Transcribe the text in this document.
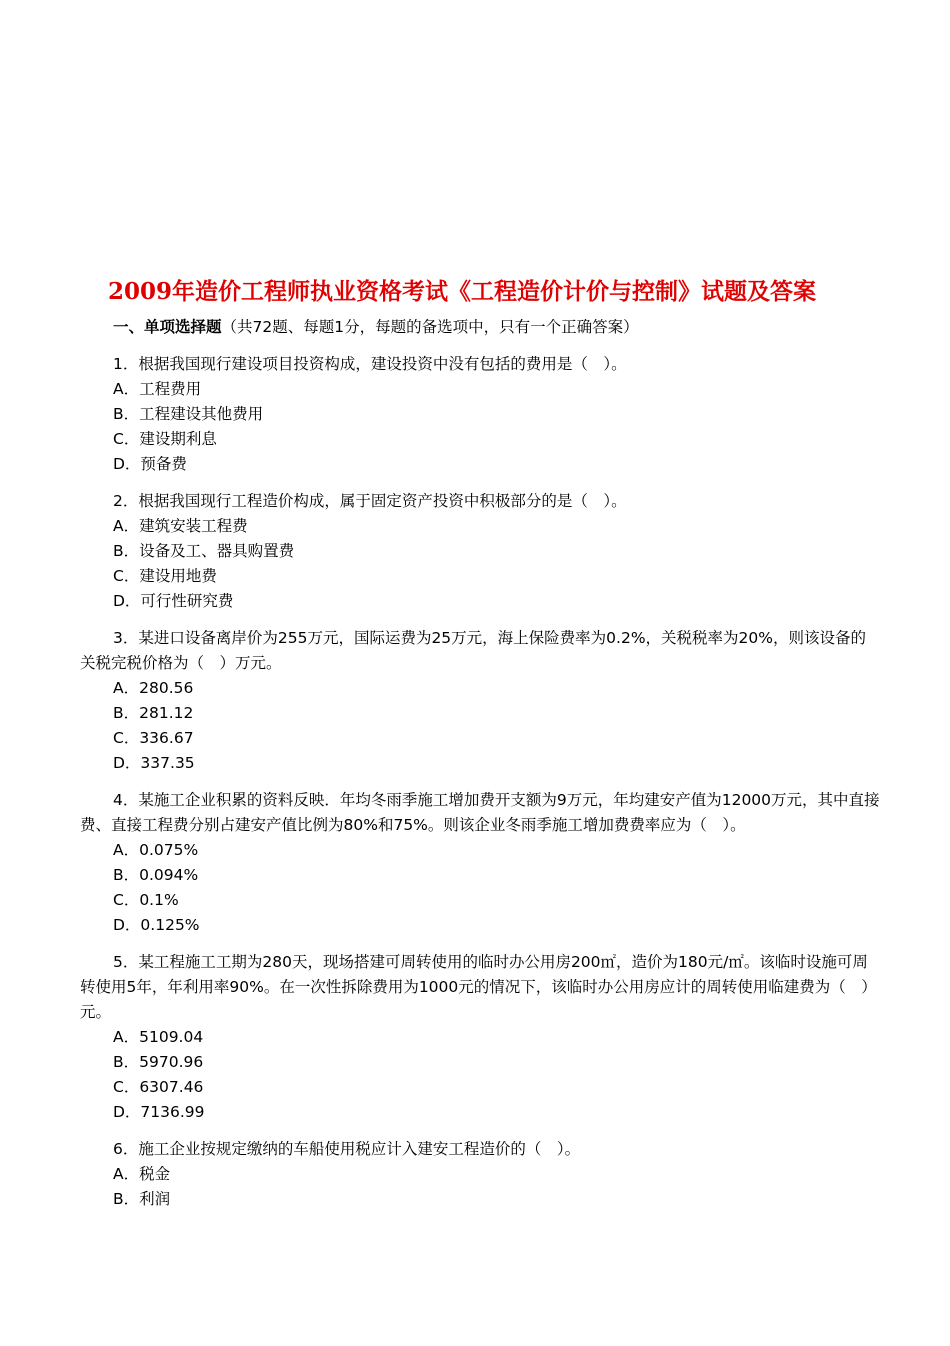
2009年造价工程师执业资格考试《工程造价计价与控制》试题及答案
一、单项选择题（共72题、每题1分，每题的备选项中，只有一个正确答案）

1．根据我国现行建设项目投资构成，建设投资中没有包括的费用是（　）。

A．工程费用

B．工程建设其他费用

C．建设期利息

D．预备费

2．根据我国现行工程造价构成，属于固定资产投资中积极部分的是（　）。

A．建筑安装工程费

B．设备及工、器具购置费

C．建设用地费

D．可行性研究费

3．某进口设备离岸价为255万元，国际运费为25万元，海上保险费率为0.2%，关税税率为20%，则该设备的关税完税价格为（　）万元。

A．280.56

B．281.12

C．336.67

D．337.35

4．某施工企业积累的资料反映．年均冬雨季施工增加费开支额为9万元，年均建安产值为12000万元，其中直接费、直接工程费分别占建安产值比例为80%和75%。则该企业冬雨季施工增加费费率应为（　）。

A．0.075%

B．0.094%

C．0.1%

D．0.125%

5．某工程施工工期为280天，现场搭建可周转使用的临时办公用房200㎡，造价为180元/㎡。该临时设施可周转使用5年，年利用率90%。在一次性拆除费用为1000元的情况下，该临时办公用房应计的周转使用临建费为（　）元。

A．5109.04

B．5970.96

C．6307.46

D．7136.99

6．施工企业按规定缴纳的车船使用税应计入建安工程造价的（　）。

A．税金

B．利润
